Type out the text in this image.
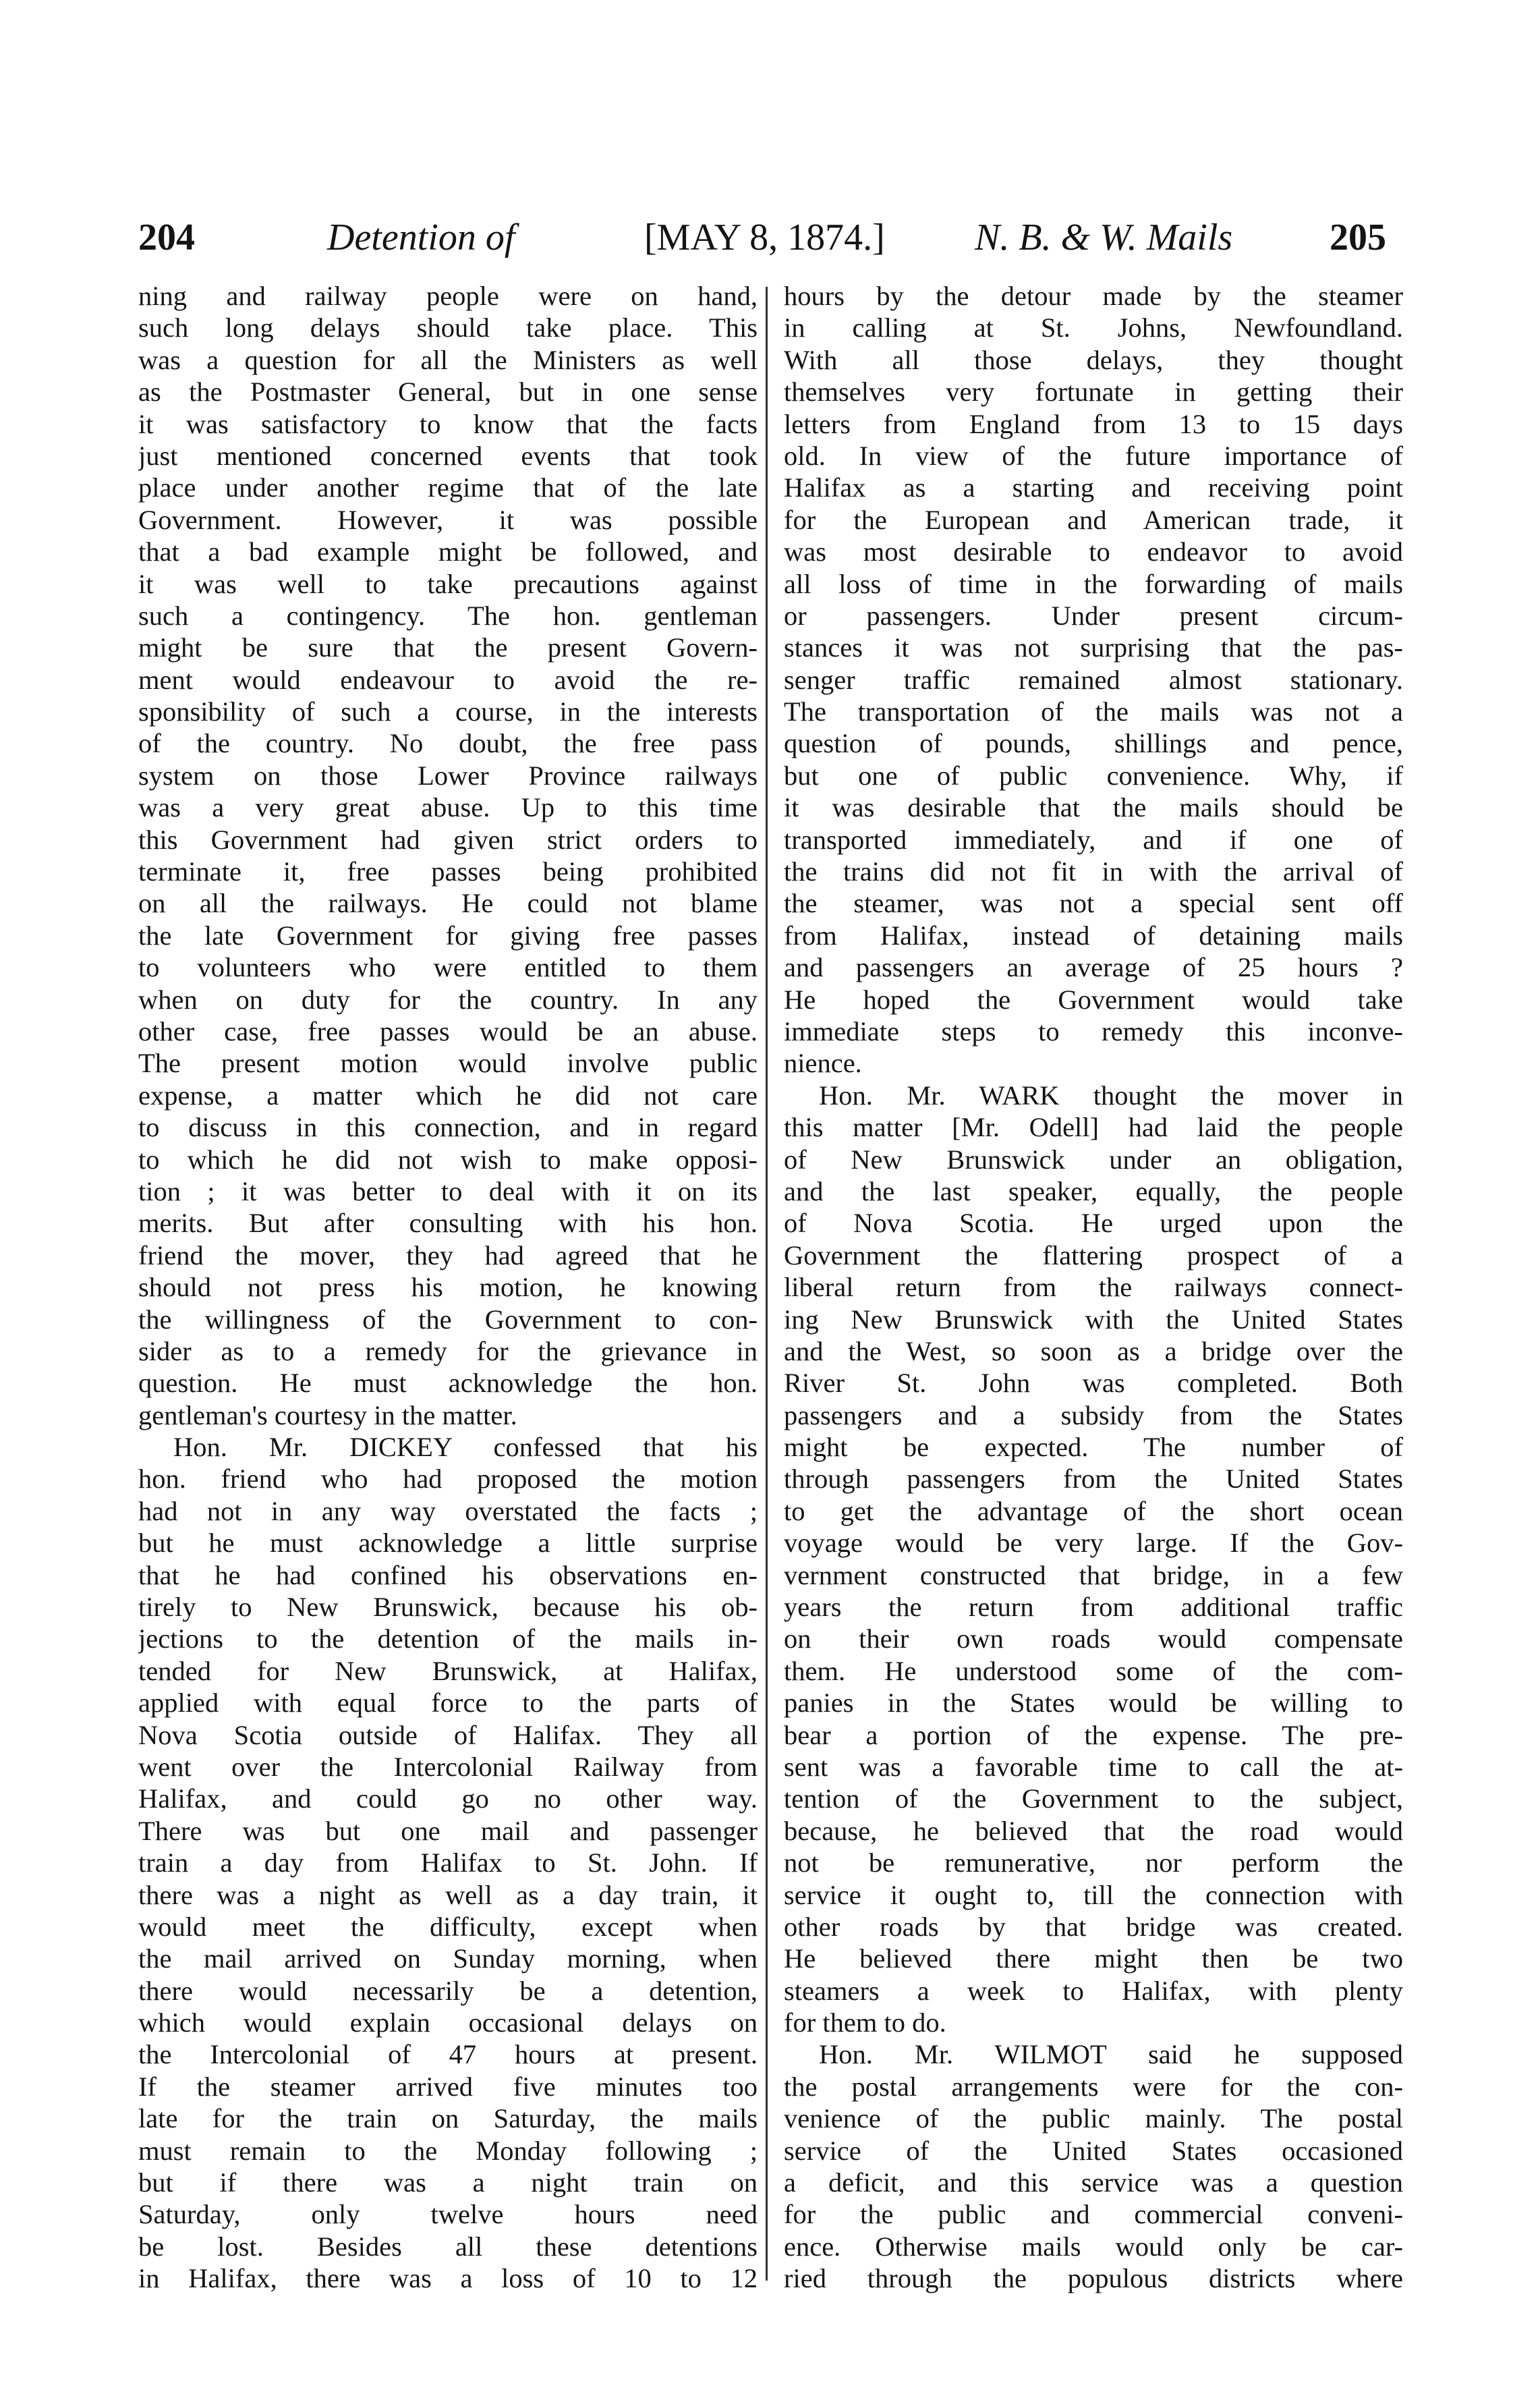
204	Detention of	[MAY 8, 1874.] N. B. & W. Mails	205
ning and railway people were on hand,
such long delays should take place. This
was a question for all the Ministers as well
as the Postmaster General, but in one sense
it was satisfactory to know that the facts
just mentioned concerned events that took
place under another regime that of the late
Government. However, it was possible
that a bad example might be followed, and
it was well to take precautions against
such a contingency. The hon. gentleman
might be sure that the present Govern-
ment would endeavour to avoid the re-
sponsibility of such a course, in the interests
of the country. No doubt, the free pass
system on those Lower Province railways
was a very great abuse. Up to this time
this Government had given strict orders to
terminate it, free passes being prohibited
on all the railways. He could not blame
the late Government for giving free passes
to volunteers who were entitled to them
when on duty for the country. In any
other case, free passes would be an abuse.
The present motion would involve public
expense, a matter which he did not care
to discuss in this connection, and in regard
to which he did not wish to make opposi-
tion ; it was better to deal with it on its
merits. But after consulting with his hon.
friend the mover, they had agreed that he
should not press his motion, he knowing
the willingness of the Government to con-
sider as to a remedy for the grievance in
question. He must acknowledge the hon.
gentleman's courtesy in the matter.
Hon. Mr. DICKEY confessed that his
hon. friend who had proposed the motion
had not in any way overstated the facts ;
but he must acknowledge a little surprise
that he had confined his observations en-
tirely to New Brunswick, because his ob-
jections to the detention of the mails in-
tended for New Brunswick, at Halifax,
applied with equal force to the parts of
Nova Scotia outside of Halifax. They all
went over the Intercolonial Railway from
Halifax, and could go no other way.
There was but one mail and passenger
train a day from Halifax to St. John. If
there was a night as well as a day train, it
would meet the difficulty, except when
the mail arrived on Sunday morning, when
there would necessarily be a detention,
which would explain occasional delays on
the Intercolonial of 47 hours at present.
If the steamer arrived five minutes too
late for the train on Saturday, the mails
must remain to the Monday following ;
but if there was a night train on
Saturday, only twelve hours need
be lost. Besides all these detentions
in Halifax, there was a loss of 10 to 12
hours by the detour made by the steamer
in calling at St. Johns, Newfoundland.
With all those delays, they thought
themselves very fortunate in getting their
letters from England from 13 to 15 days
old. In view of the future importance of
Halifax as a starting and receiving point
for the European and American trade, it
was most desirable to endeavor to avoid
all loss of time in the forwarding of mails
or passengers. Under present circum-
stances it was not surprising that the pas-
senger traffic remained almost stationary.
The transportation of the mails was not a
question of pounds, shillings and pence,
but one of public convenience. Why, if
it was desirable that the mails should be
transported immediately, and if one of
the trains did not fit in with the arrival of
the steamer, was not a special sent off
from Halifax, instead of detaining mails
and passengers an average of 25 hours ?
He hoped the Government would take
immediate steps to remedy this inconve-
nience.
Hon. Mr. WARK thought the mover in
this matter [Mr. Odell] had laid the people
of New Brunswick under an obligation,
and the last speaker, equally, the people
of Nova Scotia. He urged upon the
Government the flattering prospect of a
liberal return from the railways connect-
ing New Brunswick with the United States
and the West, so soon as a bridge over the
River St. John was completed. Both
passengers and a subsidy from the States
might be expected. The number of
through passengers from the United States
to get the advantage of the short ocean
voyage would be very large. If the Gov-
vernment constructed that bridge, in a few
years the return from additional traffic
on their own roads would compensate
them. He understood some of the com-
panies in the States would be willing to
bear a portion of the expense. The pre-
sent was a favorable time to call the at-
tention of the Government to the subject,
because, he believed that the road would
not be remunerative, nor perform the
service it ought to, till the connection with
other roads by that bridge was created.
He believed there might then be two
steamers a week to Halifax, with plenty
for them to do.
Hon. Mr. WILMOT said he supposed
the postal arrangements were for the con-
venience of the public mainly. The postal
service of the United States occasioned
a deficit, and this service was a question
for the public and commercial conveni-
ence. Otherwise mails would only be car-
ried through the populous districts where
